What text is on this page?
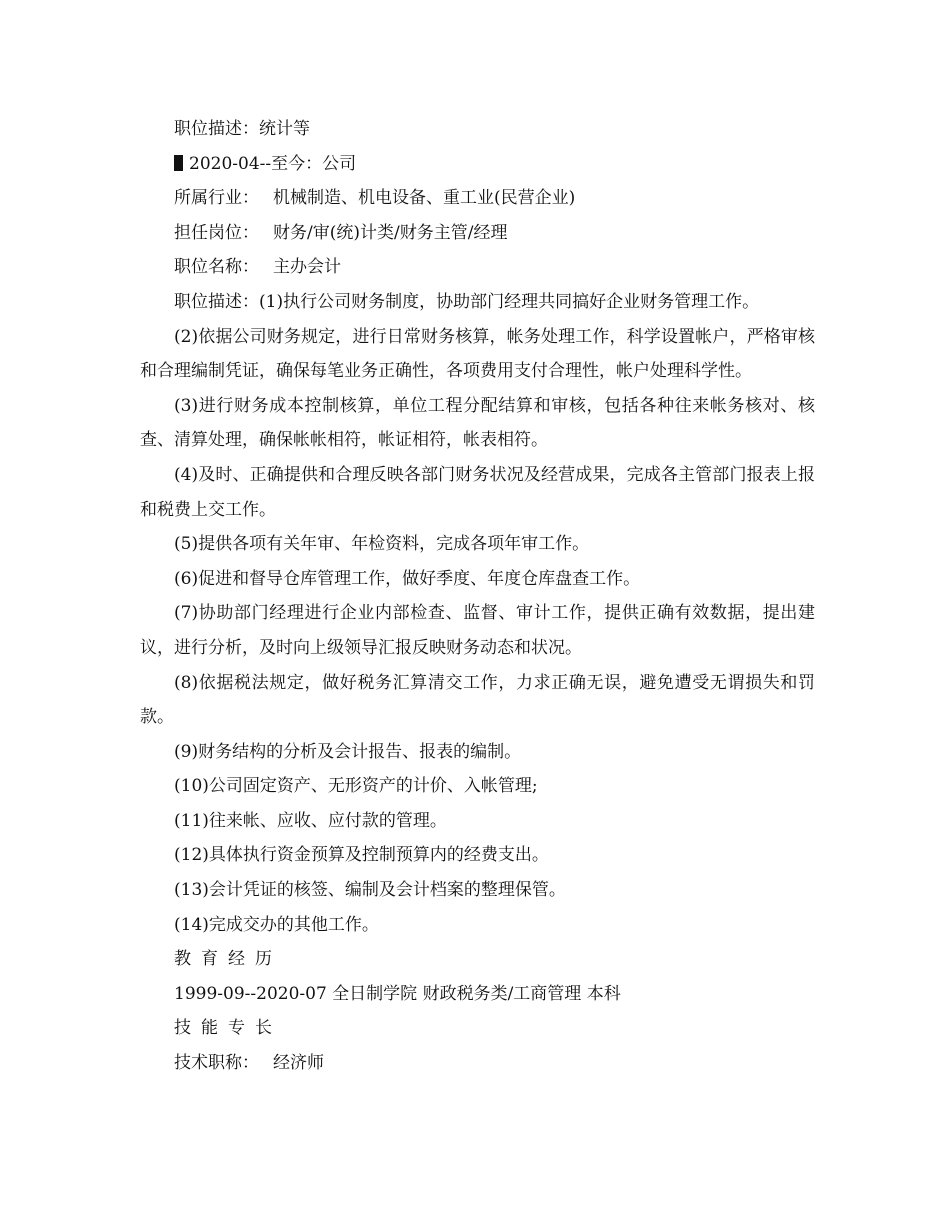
职位描述：统计等
2020-04--至今：公司
所属行业： 机械制造、机电设备、重工业(民营企业)
担任岗位： 财务/审(统)计类/财务主管/经理
职位名称： 主办会计
职位描述：(1)执行公司财务制度，协助部门经理共同搞好企业财务管理工作。
(2)依据公司财务规定，进行日常财务核算，帐务处理工作，科学设置帐户，严格审核和合理编制凭证，确保每笔业务正确性，各项费用支付合理性，帐户处理科学性。
(3)进行财务成本控制核算，单位工程分配结算和审核，包括各种往来帐务核对、核查、清算处理，确保帐帐相符，帐证相符，帐表相符。
(4)及时、正确提供和合理反映各部门财务状况及经营成果，完成各主管部门报表上报和税费上交工作。
(5)提供各项有关年审、年检资料，完成各项年审工作。
(6)促进和督导仓库管理工作，做好季度、年度仓库盘查工作。
(7)协助部门经理进行企业内部检查、监督、审计工作，提供正确有效数据，提出建议，进行分析，及时向上级领导汇报反映财务动态和状况。
(8)依据税法规定，做好税务汇算清交工作，力求正确无误，避免遭受无谓损失和罚款。
(9)财务结构的分析及会计报告、报表的编制。
(10)公司固定资产、无形资产的计价、入帐管理;
(11)往来帐、应收、应付款的管理。
(12)具体执行资金预算及控制预算内的经费支出。
(13)会计凭证的核签、编制及会计档案的整理保管。
(14)完成交办的其他工作。
教育经历
1999-09--2020-07 全日制学院 财政税务类/工商管理 本科
技能专长
技术职称： 经济师
